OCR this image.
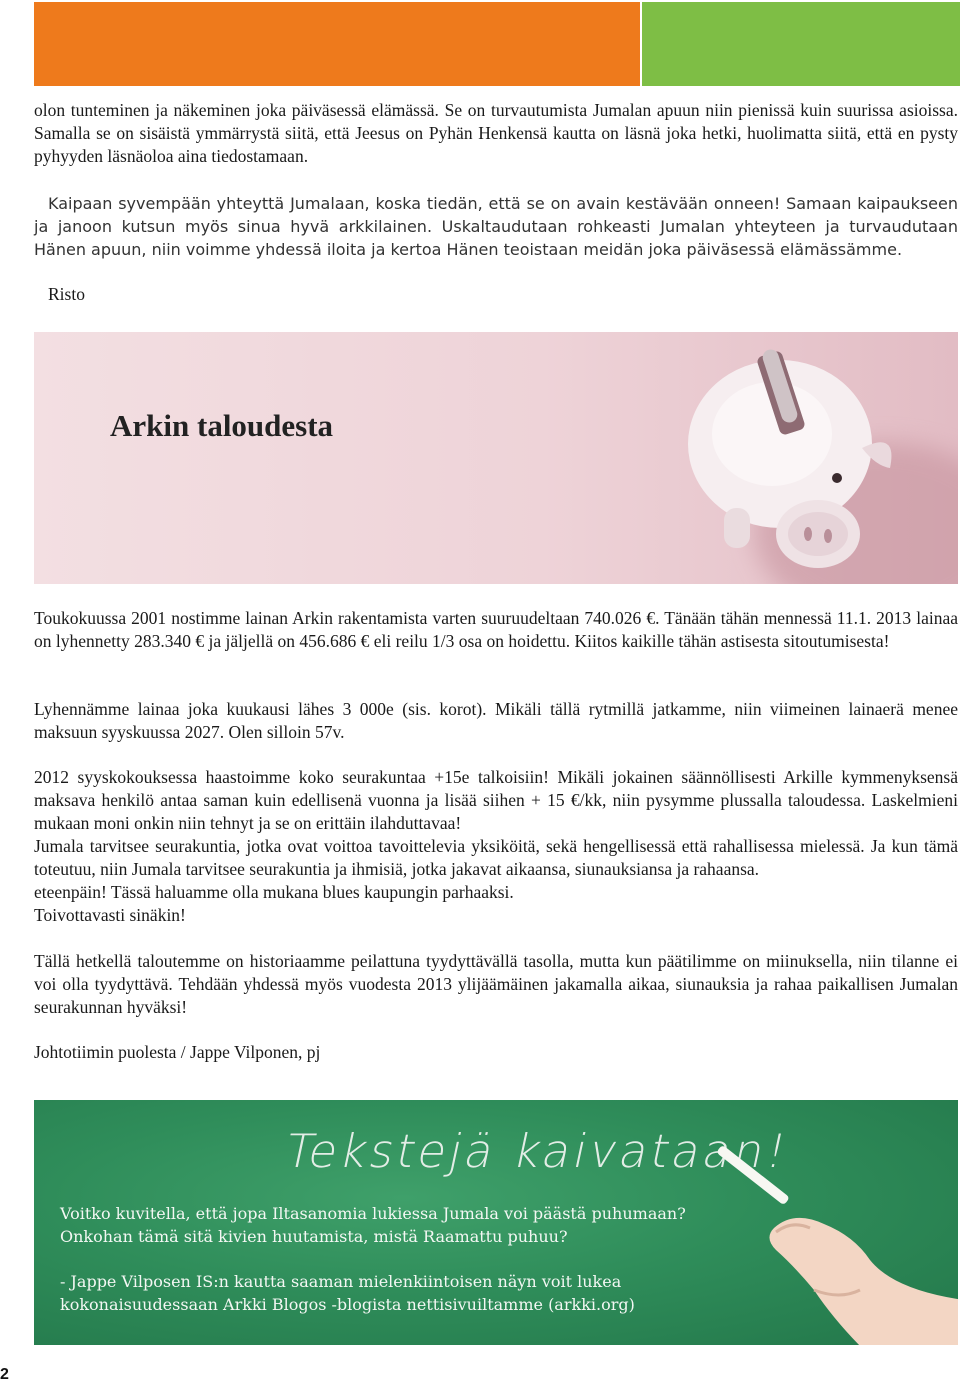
olon tunteminen ja näkeminen joka päiväsessä elämässä. Se on turvautumista Jumalan apuun niin pienissä kuin suurissa asioissa. Samalla se on sisäistä ymmärrystä siitä, että Jeesus on Pyhän Henkensä kautta on läsnä joka hetki, huolimatta siitä, että en pysty pyhyyden läsnäoloa aina tiedostamaan.

Kaipaan syvempään yhteyttä Jumalaan, koska tiedän, että se on avain kestävään onneen! Samaan kaipaukseen ja janoon kutsun myös sinua hyvä arkkilainen. Uskaltaudutaan rohkeasti Jumalan yhteyteen ja turvaudutaan Hänen apuun, niin voimme yhdessä iloita ja kertoa Hänen teoistaan meidän joka päiväsessä elämässämme.

Risto

Arkin taloudesta

Toukokuussa 2001 nostimme lainan Arkin rakentamista varten suuruudeltaan 740.026 €. Tänään tähän mennessä 11.1. 2013 lainaa on lyhennetty 283.340 € ja jäljellä on 456.686 € eli reilu 1/3 osa on hoidettu. Kiitos kaikille tähän astisesta sitoutumisesta!

Lyhennämme lainaa joka kuukausi lähes 3 000e (sis. korot). Mikäli tällä rytmillä jatkamme, niin viimeinen lainaerä menee maksuun syyskuussa 2027. Olen silloin 57v.

2012 syyskokouksessa haastoimme koko seurakuntaa +15e talkoisiin! Mikäli jokainen säännöllisesti Arkille kymmenyksensä maksava henkilö antaa saman kuin edellisenä vuonna ja lisää siihen + 15 €/kk, niin pysymme plussalla taloudessa. Laskelmieni mukaan moni onkin niin tehnyt ja se on erittäin ilahduttavaa!

Jumala tarvitsee seurakuntia, jotka ovat voittoa tavoittelevia yksiköitä, sekä hengellisessä että rahallisessa mielessä. Ja kun tämä toteutuu, niin Jumala tarvitsee seurakuntia ja ihmisiä, jotka jakavat aikaansa, siunauksiansa ja rahaansa.

eteenpäin! Tässä haluamme olla mukana blues kaupungin parhaaksi.

Toivottavasti sinäkin!

Tällä hetkellä taloutemme on historiaamme peilattuna tyydyttävällä tasolla, mutta kun päätilimme on miinuksella, niin tilanne ei voi olla tyydyttävä. Tehdään yhdessä myös vuodesta 2013 ylijäämäinen jakamalla aikaa, siunauksia ja rahaa paikallisen Jumalan seurakunnan hyväksi!

Johtotiimin puolesta / Jappe Vilponen, pj

Tekstejä kaivataan!

Voitko kuvitella, että jopa Iltasanomia lukiessa Jumala voi päästä puhumaan? Onkohan tämä sitä kivien huutamista, mistä Raamattu puhuu?

- Jappe Vilposen IS:n kautta saaman mielenkiintoisen näyn voit lukea kokonaisuudessaan Arkki Blogos -blogista nettisivuiltamme (arkki.org)

2
